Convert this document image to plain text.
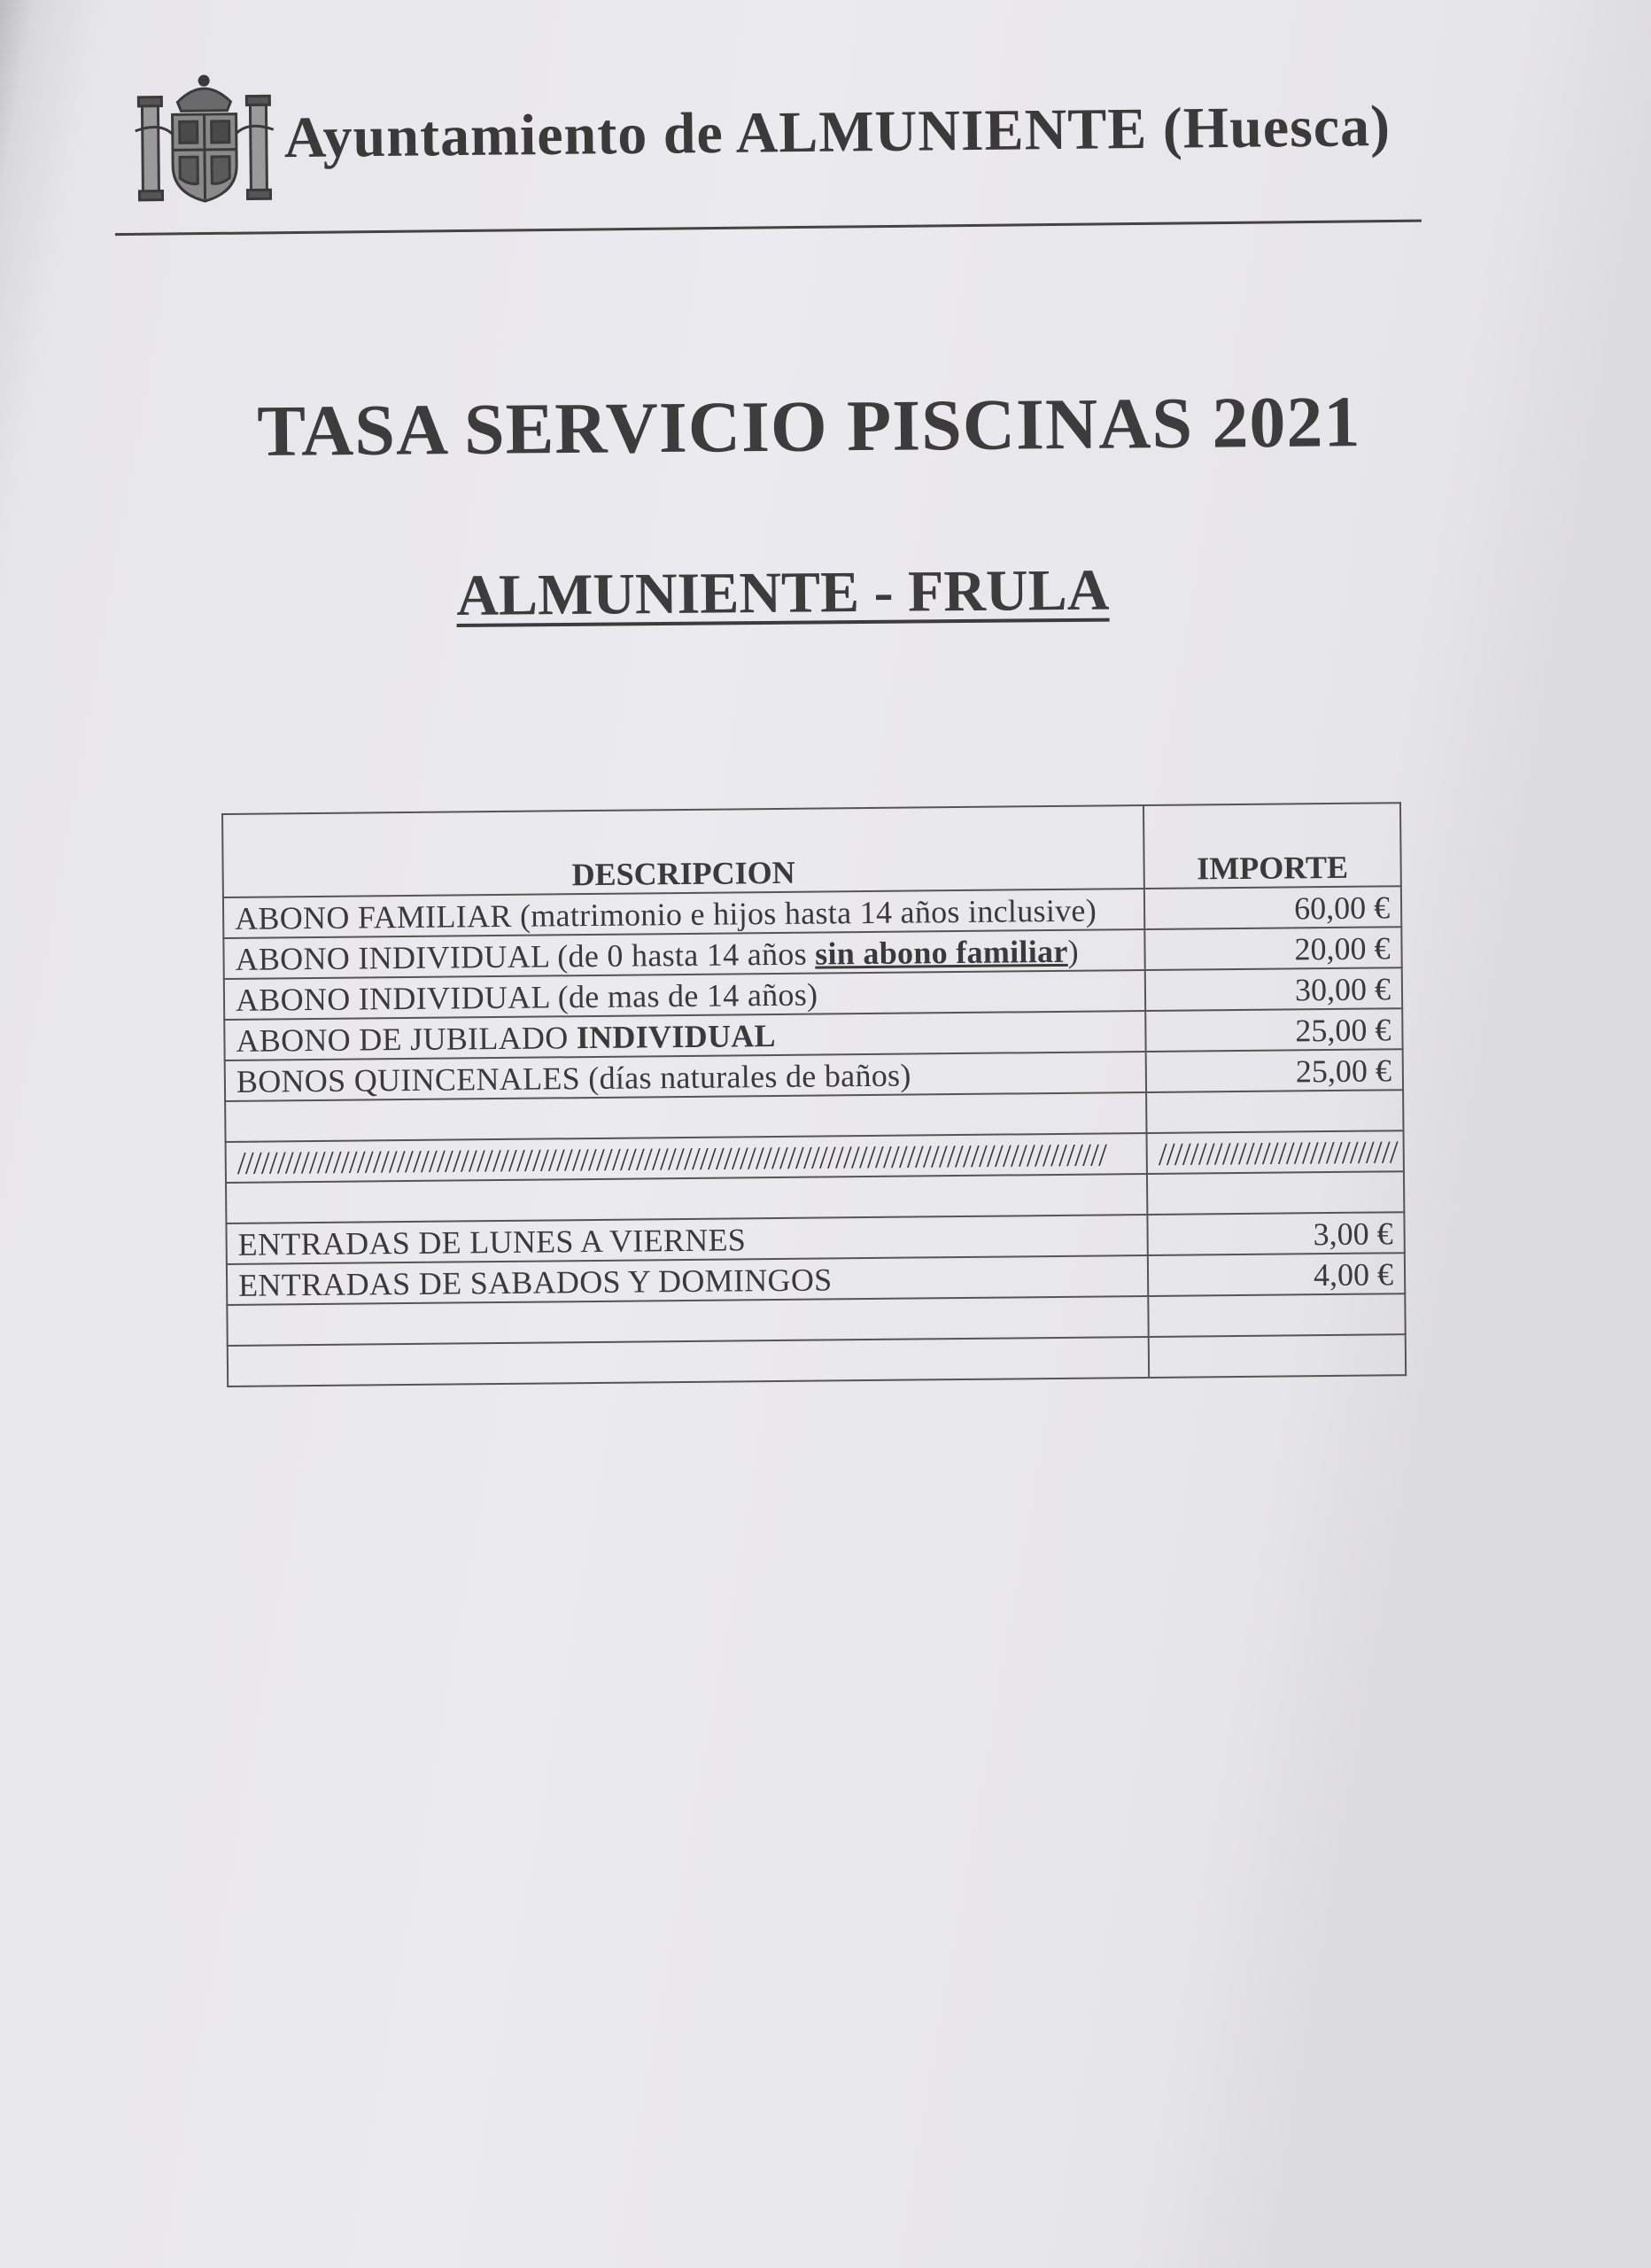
Ayuntamiento de ALMUNIENTE (Huesca)
TASA SERVICIO PISCINAS 2021
ALMUNIENTE - FRULA
DESCRIPCION	IMPORTE
ABONO FAMILIAR (matrimonio e hijos hasta 14 años inclusive)	60,00 €
ABONO INDIVIDUAL (de 0 hasta 14 años sin abono familiar)	20,00 €
ABONO INDIVIDUAL (de mas de 14 años)	30,00 €
ABONO DE JUBILADO INDIVIDUAL	25,00 €
BONOS QUINCENALES (días naturales de baños)	25,00 €

/////////////////////////////////////////////////////////////////////////////////////////////////////////////	//////////////////////////////

ENTRADAS DE LUNES A VIERNES	3,00 €
ENTRADAS DE SABADOS Y DOMINGOS	4,00 €
